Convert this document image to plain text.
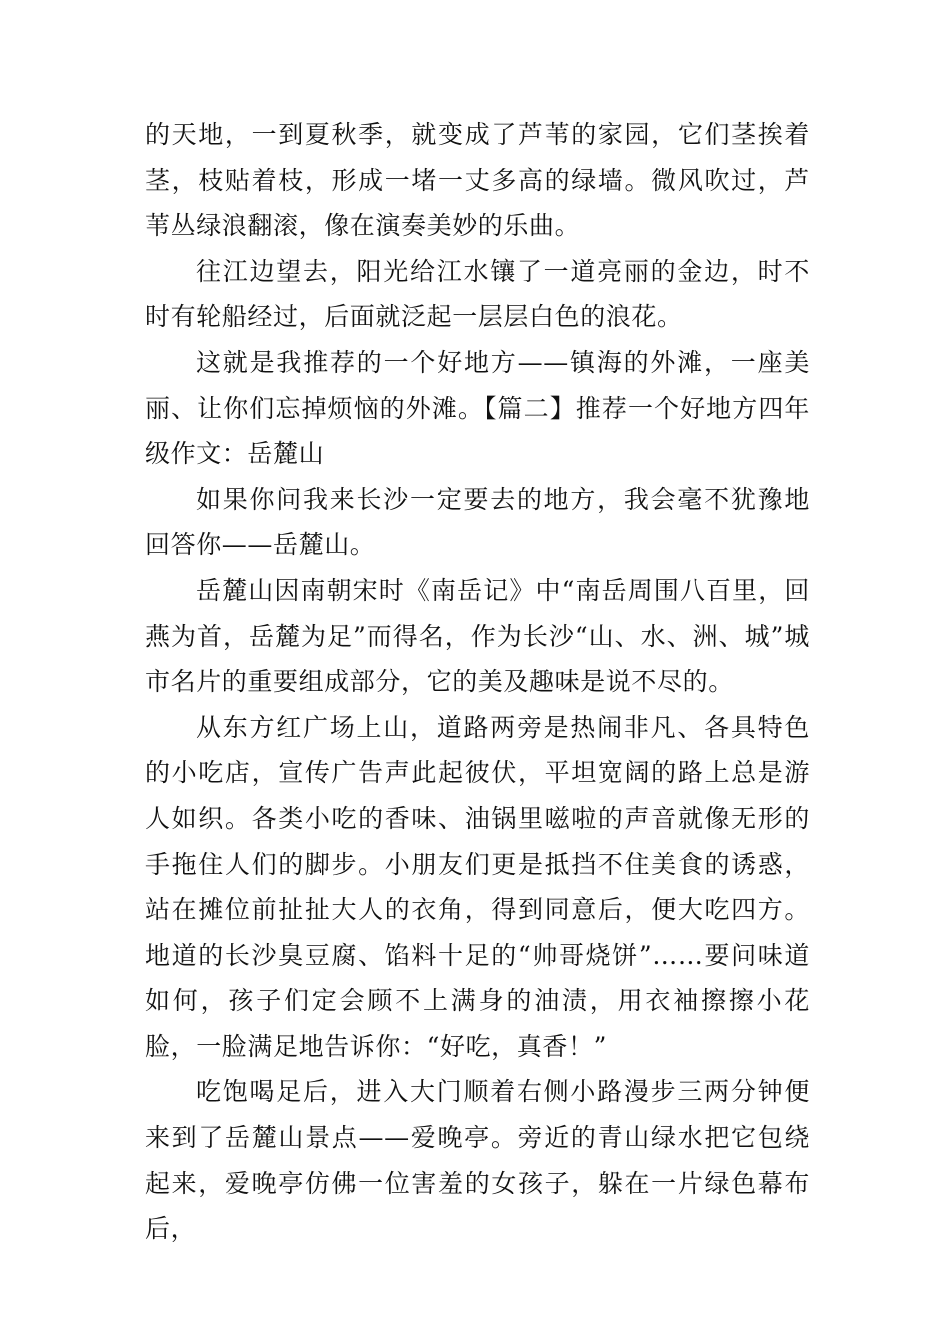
的天地，一到夏秋季，就变成了芦苇的家园，它们茎挨着茎，枝贴着枝，形成一堵一丈多高的绿墙。微风吹过，芦苇丛绿浪翻滚，像在演奏美妙的乐曲。

往江边望去，阳光给江水镶了一道亮丽的金边，时不时有轮船经过，后面就泛起一层层白色的浪花。

这就是我推荐的一个好地方——镇海的外滩，一座美丽、让你们忘掉烦恼的外滩。【篇二】推荐一个好地方四年级作文：岳麓山

如果你问我来长沙一定要去的地方，我会毫不犹豫地回答你——岳麓山。

岳麓山因南朝宋时《南岳记》中“南岳周围八百里，回燕为首，岳麓为足”而得名，作为长沙“山、水、洲、城”城市名片的重要组成部分，它的美及趣味是说不尽的。

从东方红广场上山，道路两旁是热闹非凡、各具特色的小吃店，宣传广告声此起彼伏，平坦宽阔的路上总是游人如织。各类小吃的香味、油锅里嗞啦的声音就像无形的手拖住人们的脚步。小朋友们更是抵挡不住美食的诱惑，站在摊位前扯扯大人的衣角，得到同意后，便大吃四方。地道的长沙臭豆腐、馅料十足的“帅哥烧饼”……要问味道如何，孩子们定会顾不上满身的油渍，用衣袖擦擦小花脸，一脸满足地告诉你：“好吃，真香！”

吃饱喝足后，进入大门顺着右侧小路漫步三两分钟便来到了岳麓山景点——爱晚亭。旁近的青山绿水把它包绕起来，爱晚亭仿佛一位害羞的女孩子，躲在一片绿色幕布后，
